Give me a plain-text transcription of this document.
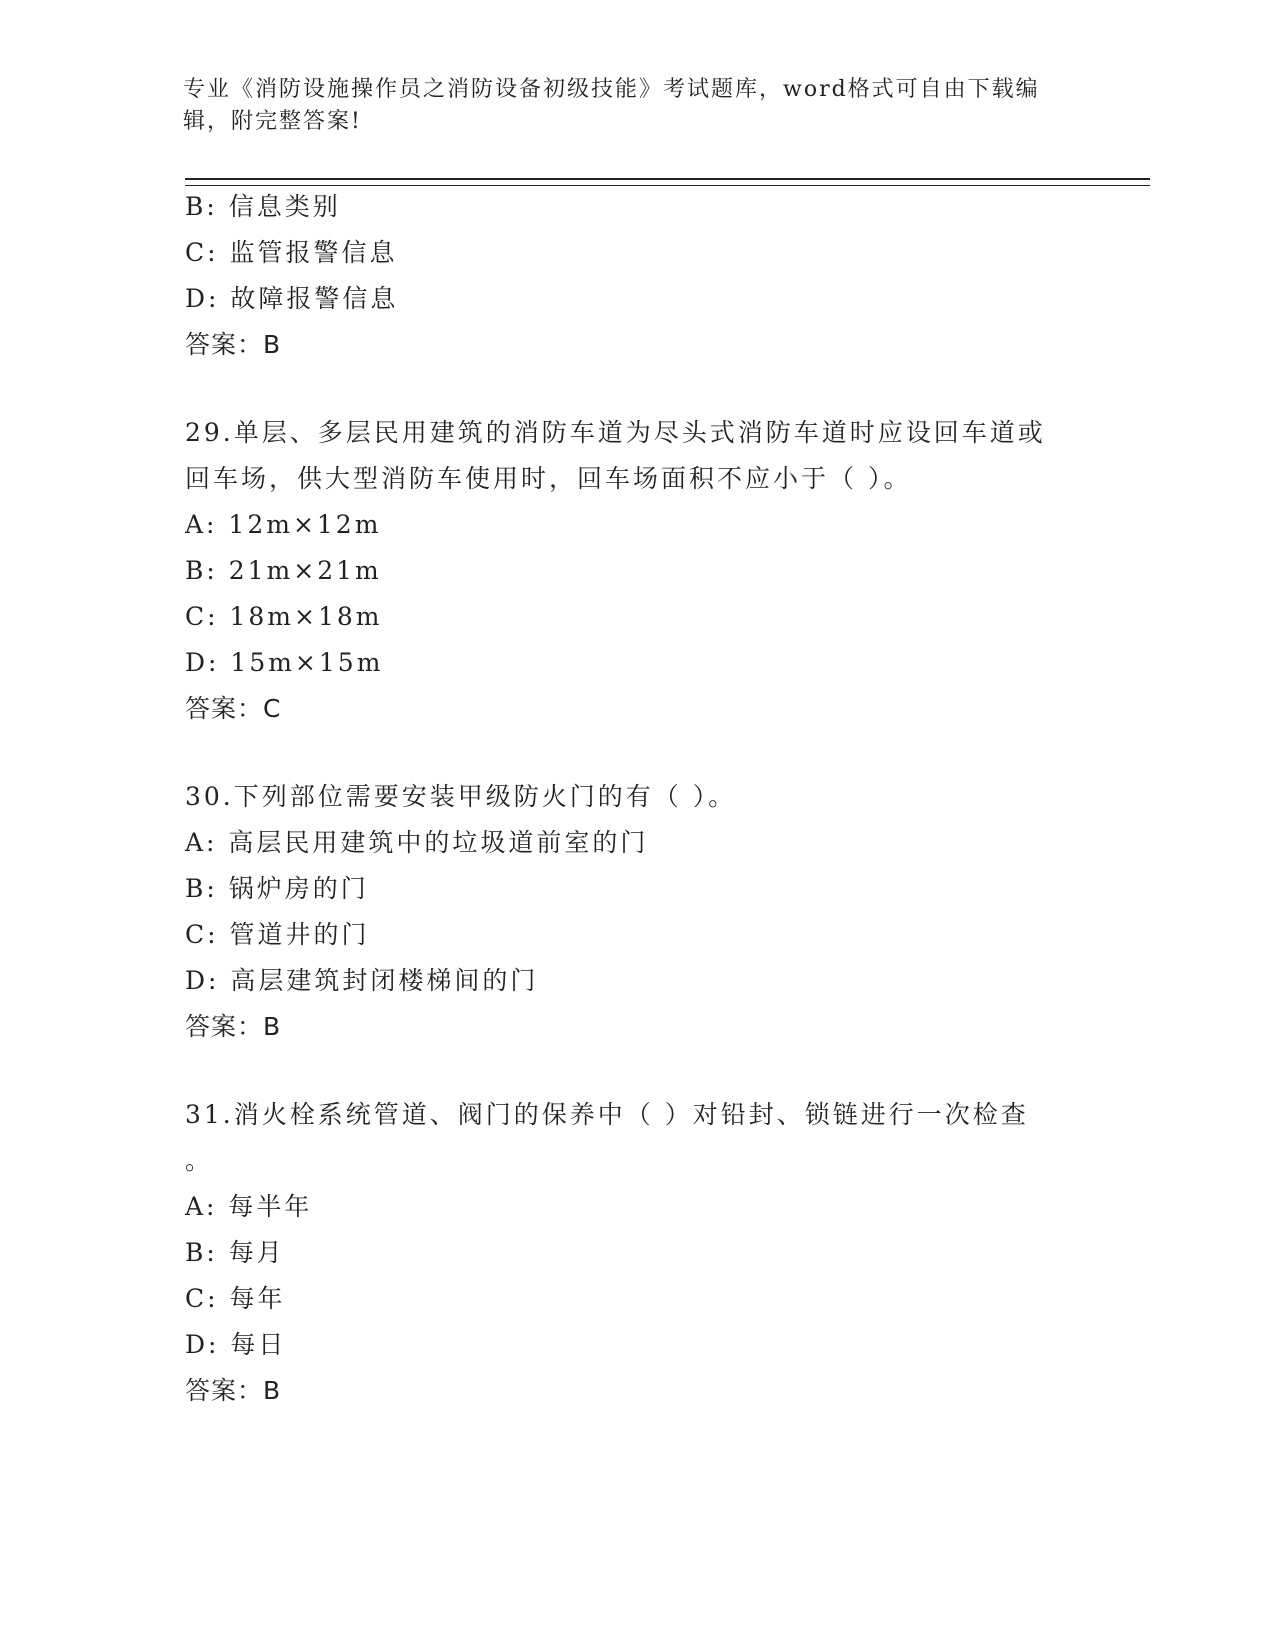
专业《消防设施操作员之消防设备初级技能》考试题库，word格式可自由下载编
辑，附完整答案!
B: 信息类别
C: 监管报警信息
D: 故障报警信息
答案：B
29.单层、多层民用建筑的消防车道为尽头式消防车道时应设回车道或
回车场，供大型消防车使用时，回车场面积不应小于（ ）。
A: 12m×12m
B: 21m×21m
C: 18m×18m
D: 15m×15m
答案：C
30.下列部位需要安装甲级防火门的有（ ）。
A: 高层民用建筑中的垃圾道前室的门
B: 锅炉房的门
C: 管道井的门
D: 高层建筑封闭楼梯间的门
答案：B
31.消火栓系统管道、阀门的保养中（ ）对铅封、锁链进行一次检查
。
A: 每半年
B: 每月
C: 每年
D: 每日
答案：B
